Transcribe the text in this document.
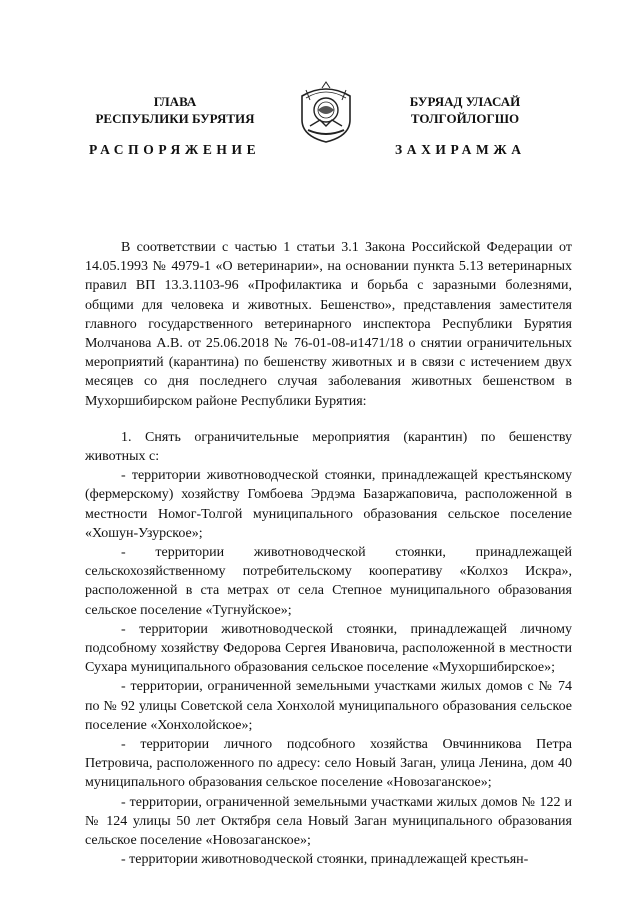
ГЛАВА
РЕСПУБЛИКИ БУРЯТИЯ
БУРЯАД УЛАСАЙ
ТОЛГОЙЛОГШО
РАСПОРЯЖЕНИЕ	ЗАХИРАМЖА

В соответствии с частью 1 статьи 3.1 Закона Российской Федерации от 14.05.1993 № 4979-1 «О ветеринарии», на основании пункта 5.13 ветеринарных правил ВП 13.3.1103-96 «Профилактика и борьба с заразными болезнями, общими для человека и животных. Бешенство», представления заместителя главного государственного ветеринарного инспектора Республики Бурятия Молчанова А.В. от 25.06.2018 № 76-01-08-и1471/18 о снятии ограничительных мероприятий (карантина) по бешенству животных и в связи с истечением двух месяцев со дня последнего случая заболевания животных бешенством в Мухоршибирском районе Республики Бурятия:

1. Снять ограничительные мероприятия (карантин) по бешенству животных с:

- территории животноводческой стоянки, принадлежащей крестьянскому (фермерскому) хозяйству Гомбоева Эрдэма Базаржаповича, расположенной в местности Номог-Толгой муниципального образования сельское поселение «Хошун-Узурское»;

- территории животноводческой стоянки, принадлежащей сельскохозяйственному потребительскому кооперативу «Колхоз Искра», расположенной в ста метрах от села Степное муниципального образования сельское поселение «Тугнуйское»;

- территории животноводческой стоянки, принадлежащей личному подсобному хозяйству Федорова Сергея Ивановича, расположенной в местности Сухара муниципального образования сельское поселение «Мухоршибирское»;

- территории, ограниченной земельными участками жилых домов с № 74 по № 92 улицы Советской села Хонхолой муниципального образования сельское поселение «Хонхолойское»;

- территории личного подсобного хозяйства Овчинникова Петра Петровича, расположенного по адресу: село Новый Заган, улица Ленина, дом 40 муниципального образования сельское поселение «Новозаганское»;

- территории, ограниченной земельными участками жилых домов № 122 и № 124 улицы 50 лет Октября села Новый Заган муниципального образования сельское поселение «Новозаганское»;

- территории животноводческой стоянки, принадлежащей крестьян-
